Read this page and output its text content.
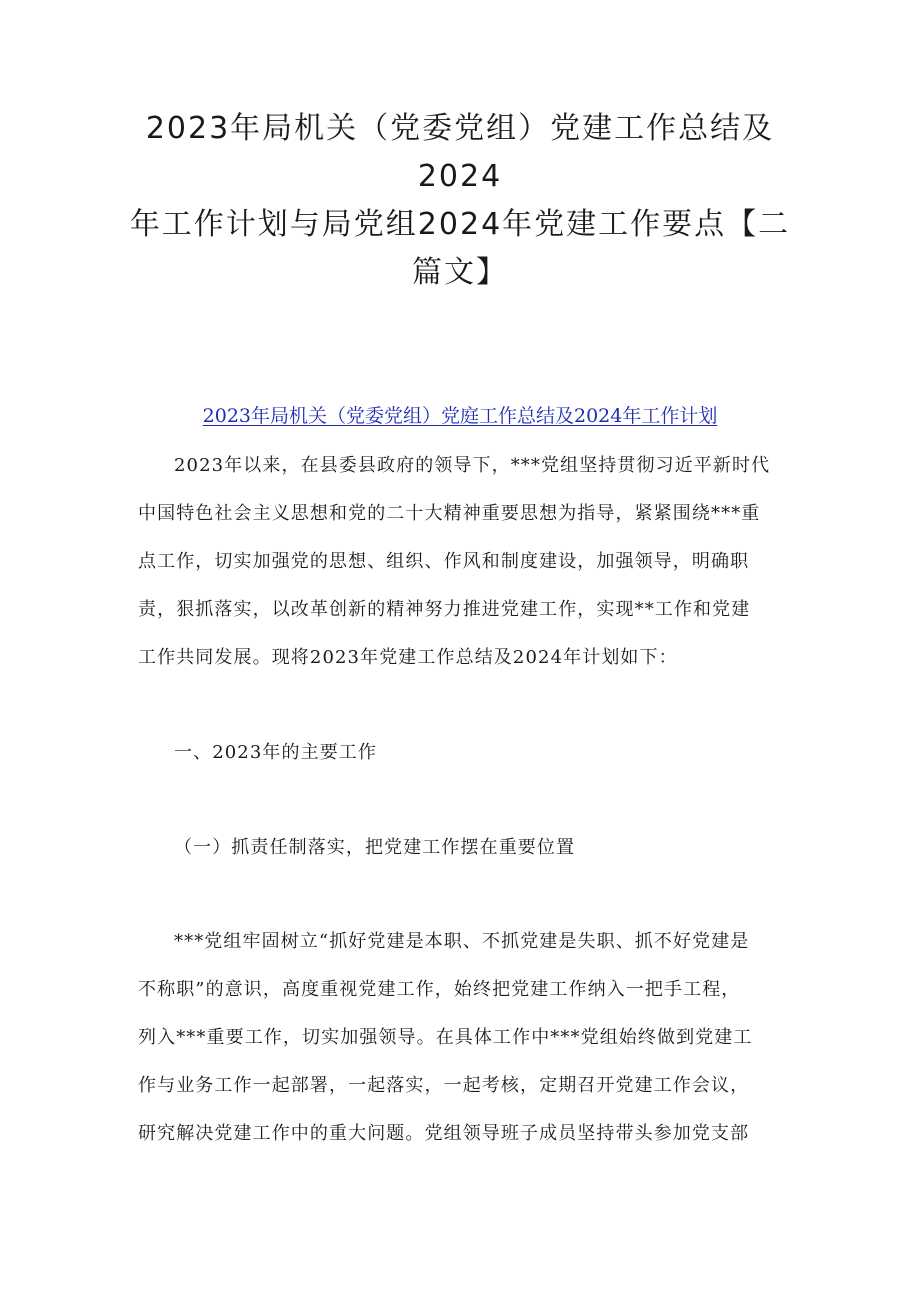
2023年局机关（党委党组）党建工作总结及
2024
年工作计划与局党组2024年党建工作要点【二
篇文】
2023年局机关（党委党组）党庭工作总结及2024年工作计划

2023年以来，在县委县政府的领导下，***党组坚持贯彻习近平新时代
中国特色社会主义思想和党的二十大精神重要思想为指导，紧紧围绕***重
点工作，切实加强党的思想、组织、作风和制度建设，加强领导，明确职
责，狠抓落实，以改革创新的精神努力推进党建工作，实现**工作和党建
工作共同发展。现将2023年党建工作总结及2024年计划如下：

一、2023年的主要工作
（一）抓责任制落实，把党建工作摆在重要位置

***党组牢固树立“抓好党建是本职、不抓党建是失职、抓不好党建是
不称职”的意识，高度重视党建工作，始终把党建工作纳入一把手工程，
列入***重要工作，切实加强领导。在具体工作中***党组始终做到党建工
作与业务工作一起部署，一起落实，一起考核，定期召开党建工作会议，
研究解决党建工作中的重大问题。党组领导班子成员坚持带头参加党支部
